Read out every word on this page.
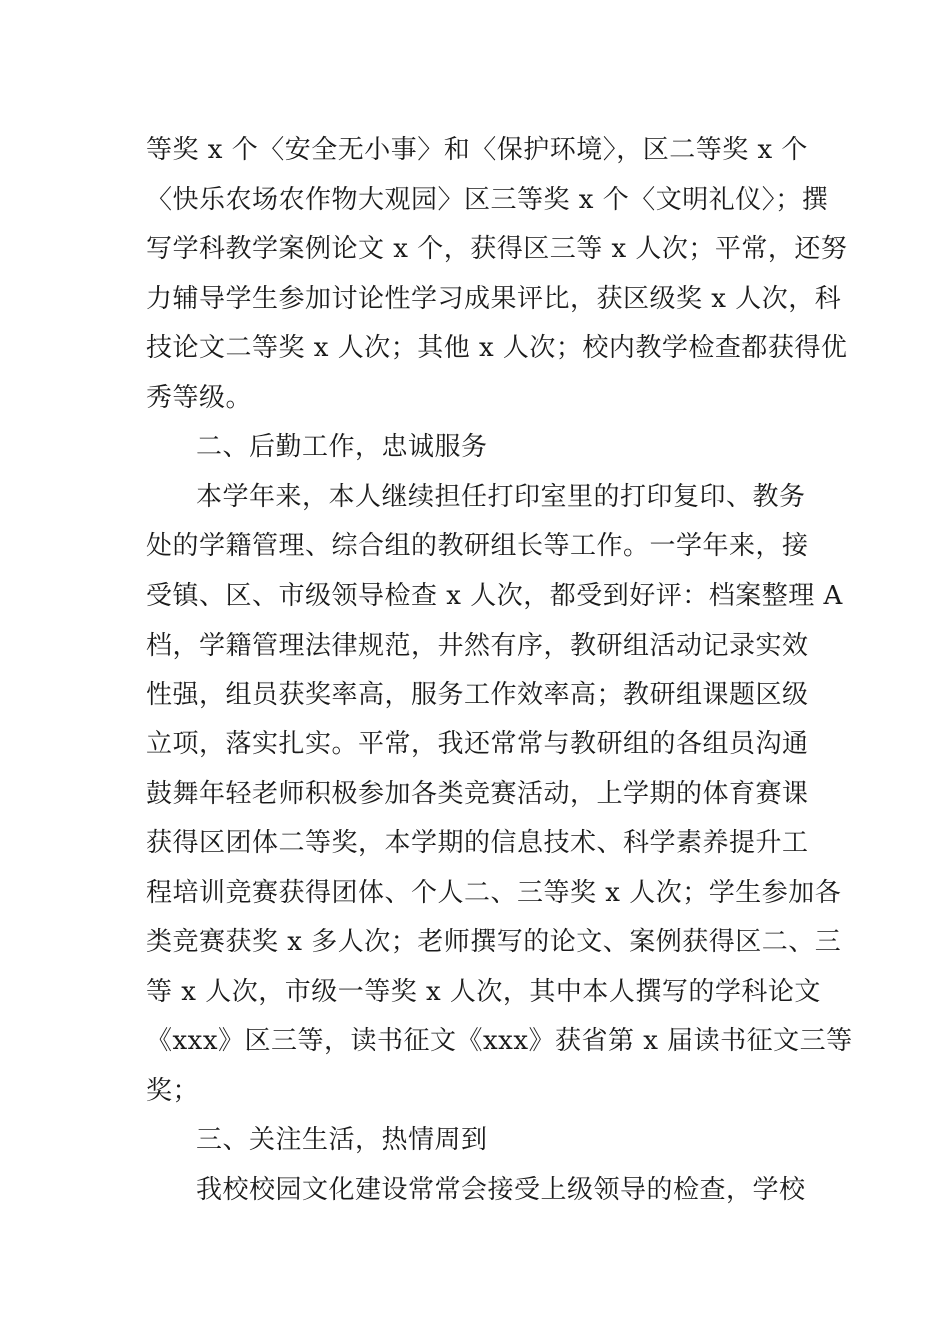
等奖 x 个〈安全无小事〉和〈保护环境〉，区二等奖 x 个
〈快乐农场农作物大观园〉区三等奖 x 个〈文明礼仪〉；撰
写学科教学案例论文 x 个，获得区三等 x 人次；平常，还努
力辅导学生参加讨论性学习成果评比，获区级奖 x 人次，科
技论文二等奖 x 人次；其他 x 人次；校内教学检查都获得优
秀等级。
二、后勤工作，忠诚服务
本学年来，本人继续担任打印室里的打印复印、教务
处的学籍管理、综合组的教研组长等工作。一学年来，接
受镇、区、市级领导检查 x 人次，都受到好评：档案整理 A
档，学籍管理法律规范，井然有序，教研组活动记录实效
性强，组员获奖率高，服务工作效率高；教研组课题区级
立项，落实扎实。平常，我还常常与教研组的各组员沟通
鼓舞年轻老师积极参加各类竞赛活动，上学期的体育赛课
获得区团体二等奖，本学期的信息技术、科学素养提升工
程培训竞赛获得团体、个人二、三等奖 x 人次；学生参加各
类竞赛获奖 x 多人次；老师撰写的论文、案例获得区二、三
等 x 人次，市级一等奖 x 人次，其中本人撰写的学科论文
《xxx》区三等，读书征文《xxx》获省第 x 届读书征文三等
奖；
三、关注生活，热情周到
我校校园文化建设常常会接受上级领导的检查，学校
